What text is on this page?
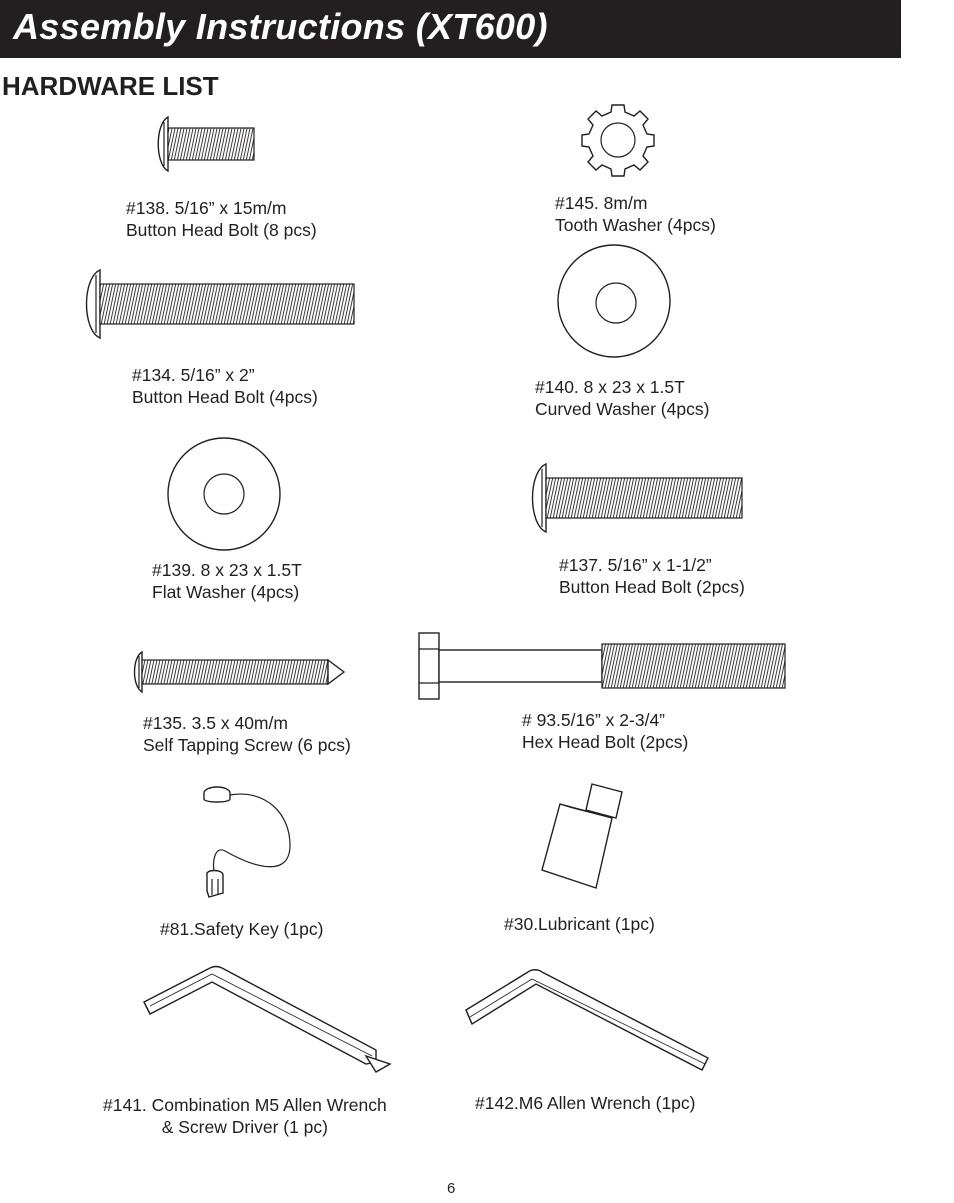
Assembly Instructions (XT600)
HARDWARE LIST
#138. 5/16” x 15m/m
Button Head Bolt (8 pcs)
#145. 8m/m
Tooth Washer (4pcs)
#134. 5/16” x 2”
Button Head Bolt (4pcs)	#140. 8 x 23 x 1.5T
Curved Washer (4pcs)
#139. 8 x 23 x 1.5T
Flat Washer (4pcs)
#137. 5/16” x 1-1/2”
Button Head Bolt (2pcs)
#135. 3.5 x 40m/m
Self Tapping Screw (6 pcs)
# 93.5/16” x 2-3/4”
Hex Head Bolt (2pcs)
#81.Safety Key (1pc)	#30.Lubricant (1pc)
#141. Combination M5 Allen Wrench
& Screw Driver (1 pc)
#142.M6 Allen Wrench (1pc)
6
